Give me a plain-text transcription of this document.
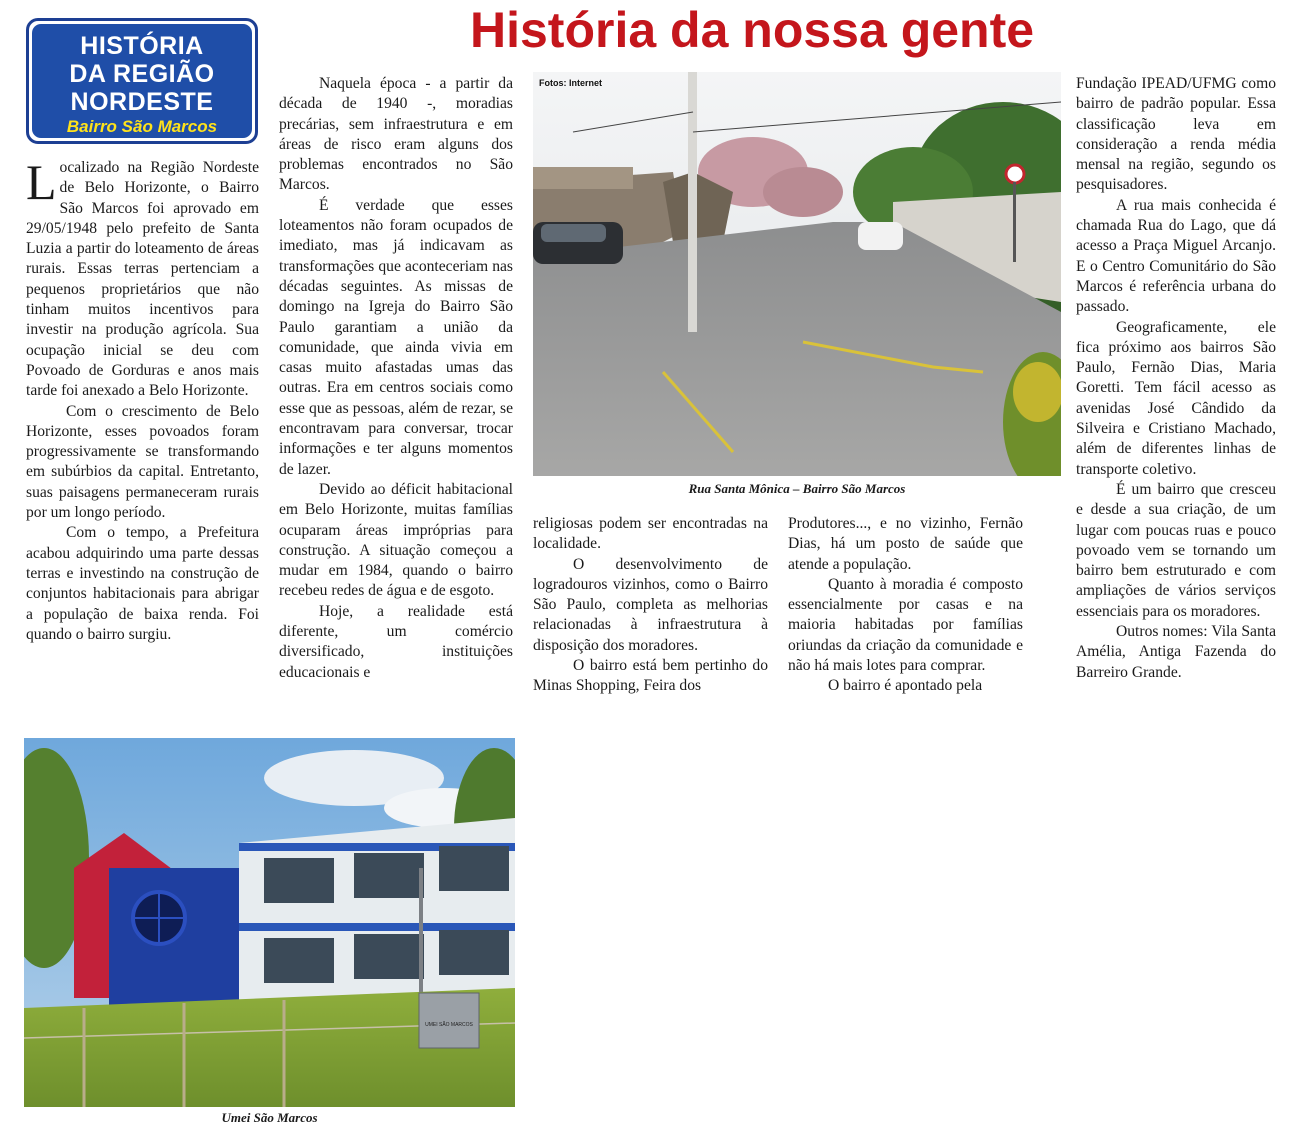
HISTÓRIA
DA REGIÃO
NORDESTE
Bairro São Marcos
História da nossa gente

Localizado na Região Nordeste de Belo Horizonte, o Bairro São Marcos foi aprovado em 29/05/1948 pelo prefeito de Santa Luzia a partir do loteamento de áreas rurais. Essas terras pertenciam a pequenos proprietários que não tinham muitos incentivos para investir na produção agrícola. Sua ocupação inicial se deu com Povoado de Gorduras e anos mais tarde foi anexado a Belo Horizonte.

Com o crescimento de Belo Horizonte, esses povoados foram progressivamente se transformando em subúrbios da capital. Entretanto, suas paisagens permaneceram rurais por um longo período.

Com o tempo, a Prefeitura acabou adquirindo uma parte dessas terras e investindo na construção de conjuntos habitacionais para abrigar a população de baixa renda. Foi quando o bairro surgiu.

Naquela época - a partir da década de 1940 -, moradias precárias, sem infraestrutura e em áreas de risco eram alguns dos problemas encontrados no São Marcos.

É verdade que esses loteamentos não foram ocupados de imediato, mas já indicavam as transformações que aconteceriam nas décadas seguintes. As missas de domingo na Igreja do Bairro São Paulo garantiam a união da comunidade, que ainda vivia em casas muito afastadas umas das outras. Era em centros sociais como esse que as pessoas, além de rezar, se encontravam para conversar, trocar informações e ter alguns momentos de lazer.

Devido ao déficit habitacional em Belo Horizonte, muitas famílias ocuparam áreas impróprias para construção. A situação começou a mudar em 1984, quando o bairro recebeu redes de água e de esgoto.

Hoje, a realidade está diferente, um comércio diversificado, instituições educacionais e

Fotos: Internet
Rua Santa Mônica – Bairro São Marcos

religiosas podem ser encontradas na localidade.

O desenvolvimento de logradouros vizinhos, como o Bairro São Paulo, completa as melhorias relacionadas à infraestrutura à disposição dos moradores.

O bairro está bem pertinho do Minas Shopping, Feira dos

Produtores..., e no vizinho, Fernão Dias, há um posto de saúde que atende a população.

Quanto à moradia é composto essencialmente por casas e na maioria habitadas por famílias oriundas da criação da comunidade e não há mais lotes para comprar.

O bairro é apontado pela

Fundação IPEAD/UFMG como bairro de padrão popular. Essa classificação leva em consideração a renda média mensal na região, segundo os pesquisadores.

A rua mais conhecida é chamada Rua do Lago, que dá acesso a Praça Miguel Arcanjo. E o Centro Comunitário do São Marcos é referência urbana do passado.

Geograficamente, ele fica próximo aos bairros São Paulo, Fernão Dias, Maria Goretti. Tem fácil acesso as avenidas José Cândido da Silveira e Cristiano Machado, além de diferentes linhas de transporte coletivo.

É um bairro que cresceu e desde a sua criação, de um lugar com poucas ruas e pouco povoado vem se tornando um bairro bem estruturado e com ampliações de vários serviços essenciais para os moradores.

Outros nomes: Vila Santa Amélia, Antiga Fazenda do Barreiro Grande.

UMEI SÃO MARCOS
Umei São Marcos
